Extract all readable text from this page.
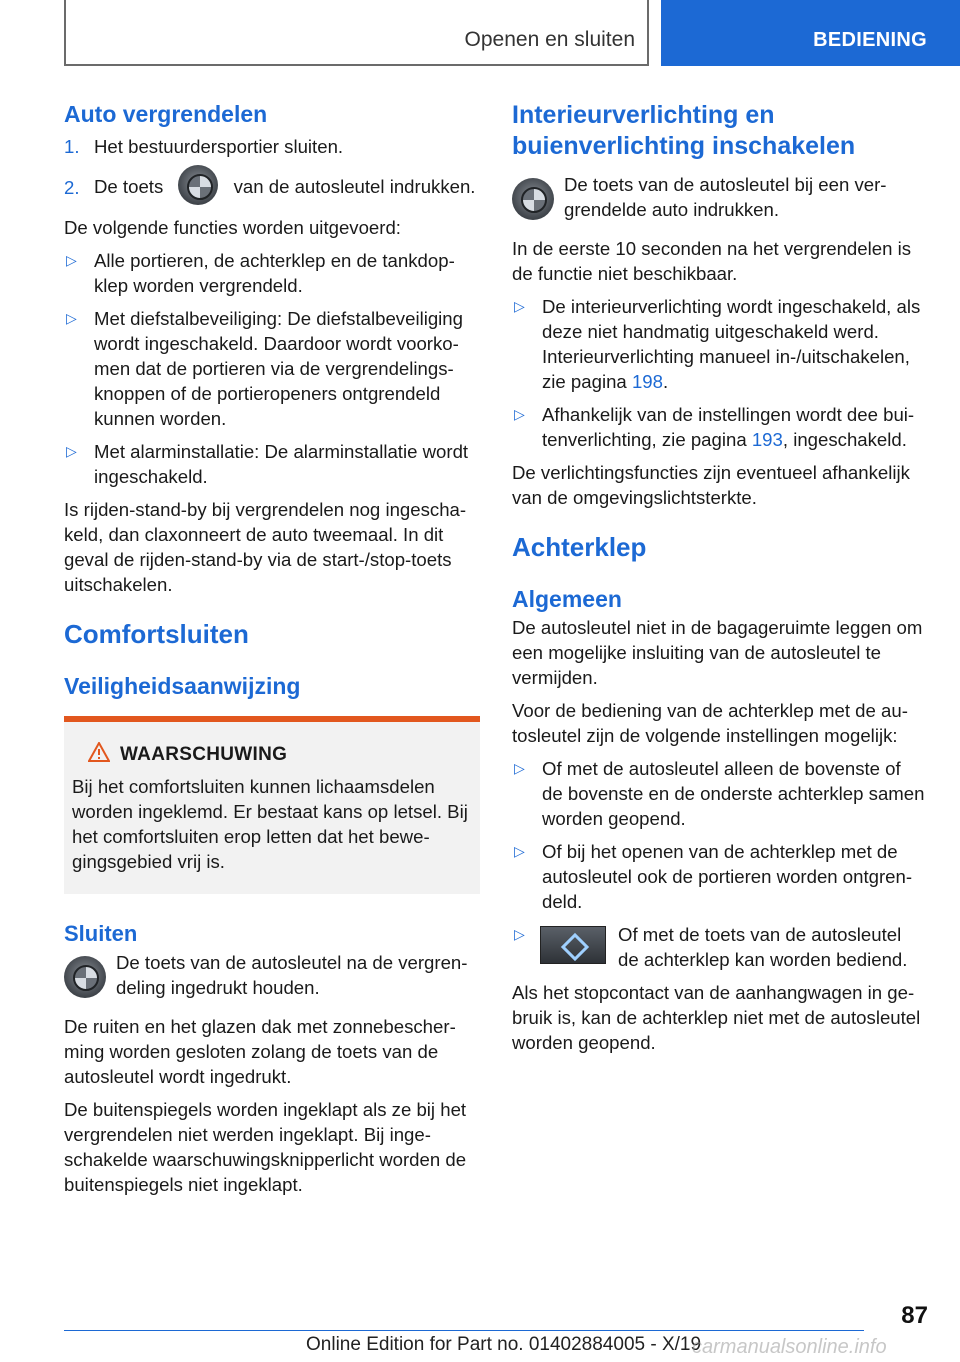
Openen en sluiten	BEDIENING
Auto vergrendelen
1. Het bestuurdersportier sluiten.
2. De toets	van de autosleutel indrukken.

De volgende functies worden uitgevoerd:

▷ Alle portieren, de achterklep en de tankdopklep worden vergrendeld.
▷ Met diefstalbeveiliging: De diefstalbeveiliging wordt ingeschakeld. Daardoor wordt voorkomen dat de portieren via de vergrendelingsknoppen of de portieropeners ontgrendeld kunnen worden.
▷ Met alarminstallatie: De alarminstallatie wordt ingeschakeld.

Is rijden-stand-by bij vergrendelen nog ingeschakeld, dan claxonneert de auto tweemaal. In dit geval de rijden-stand-by via de start-/stop-toets uitschakelen.

Comfortsluiten
Veiligheidsaanwijzing
WAARSCHUWING

Bij het comfortsluiten kunnen lichaamsdelen worden ingeklemd. Er bestaat kans op letsel. Bij het comfortsluiten erop letten dat het bewegingsgebied vrij is.

Sluiten

De toets van de autosleutel na de vergrendeling ingedrukt houden.

De ruiten en het glazen dak met zonnebescherming worden gesloten zolang de toets van de autosleutel wordt ingedrukt.

De buitenspiegels worden ingeklapt als ze bij het vergrendelen niet werden ingeklapt. Bij ingeschakelde waarschuwingsknipperlicht worden de buitenspiegels niet ingeklapt.

Interieurverlichting en buienverlichting inschakelen

De toets van de autosleutel bij een vergrendelde auto indrukken.

In de eerste 10 seconden na het vergrendelen is de functie niet beschikbaar.

▷ De interieurverlichting wordt ingeschakeld, als deze niet handmatig uitgeschakeld werd. Interieurverlichting manueel in-/uitschakelen, zie pagina 198.
▷ Afhankelijk van de instellingen wordt dee buitenverlichting, zie pagina 193, ingeschakeld.

De verlichtingsfuncties zijn eventueel afhankelijk van de omgevingslichtsterkte.

Achterklep
Algemeen

De autosleutel niet in de bagageruimte leggen om een mogelijke insluiting van de autosleutel te vermijden.

Voor de bediening van de achterklep met de autosleutel zijn de volgende instellingen mogelijk:

▷ Of met de autosleutel alleen de bovenste of de bovenste en de onderste achterklep samen worden geopend.
▷ Of bij het openen van de achterklep met de autosleutel ook de portieren worden ontgrendeld.
▷	Of met de toets van de autosleutel de achterklep kan worden bediend.

Als het stopcontact van de aanhangwagen in gebruik is, kan de achterklep niet met de autosleutel worden geopend.

87
Online Edition for Part no. 01402884005 - X/19
carmanualsonline.info
